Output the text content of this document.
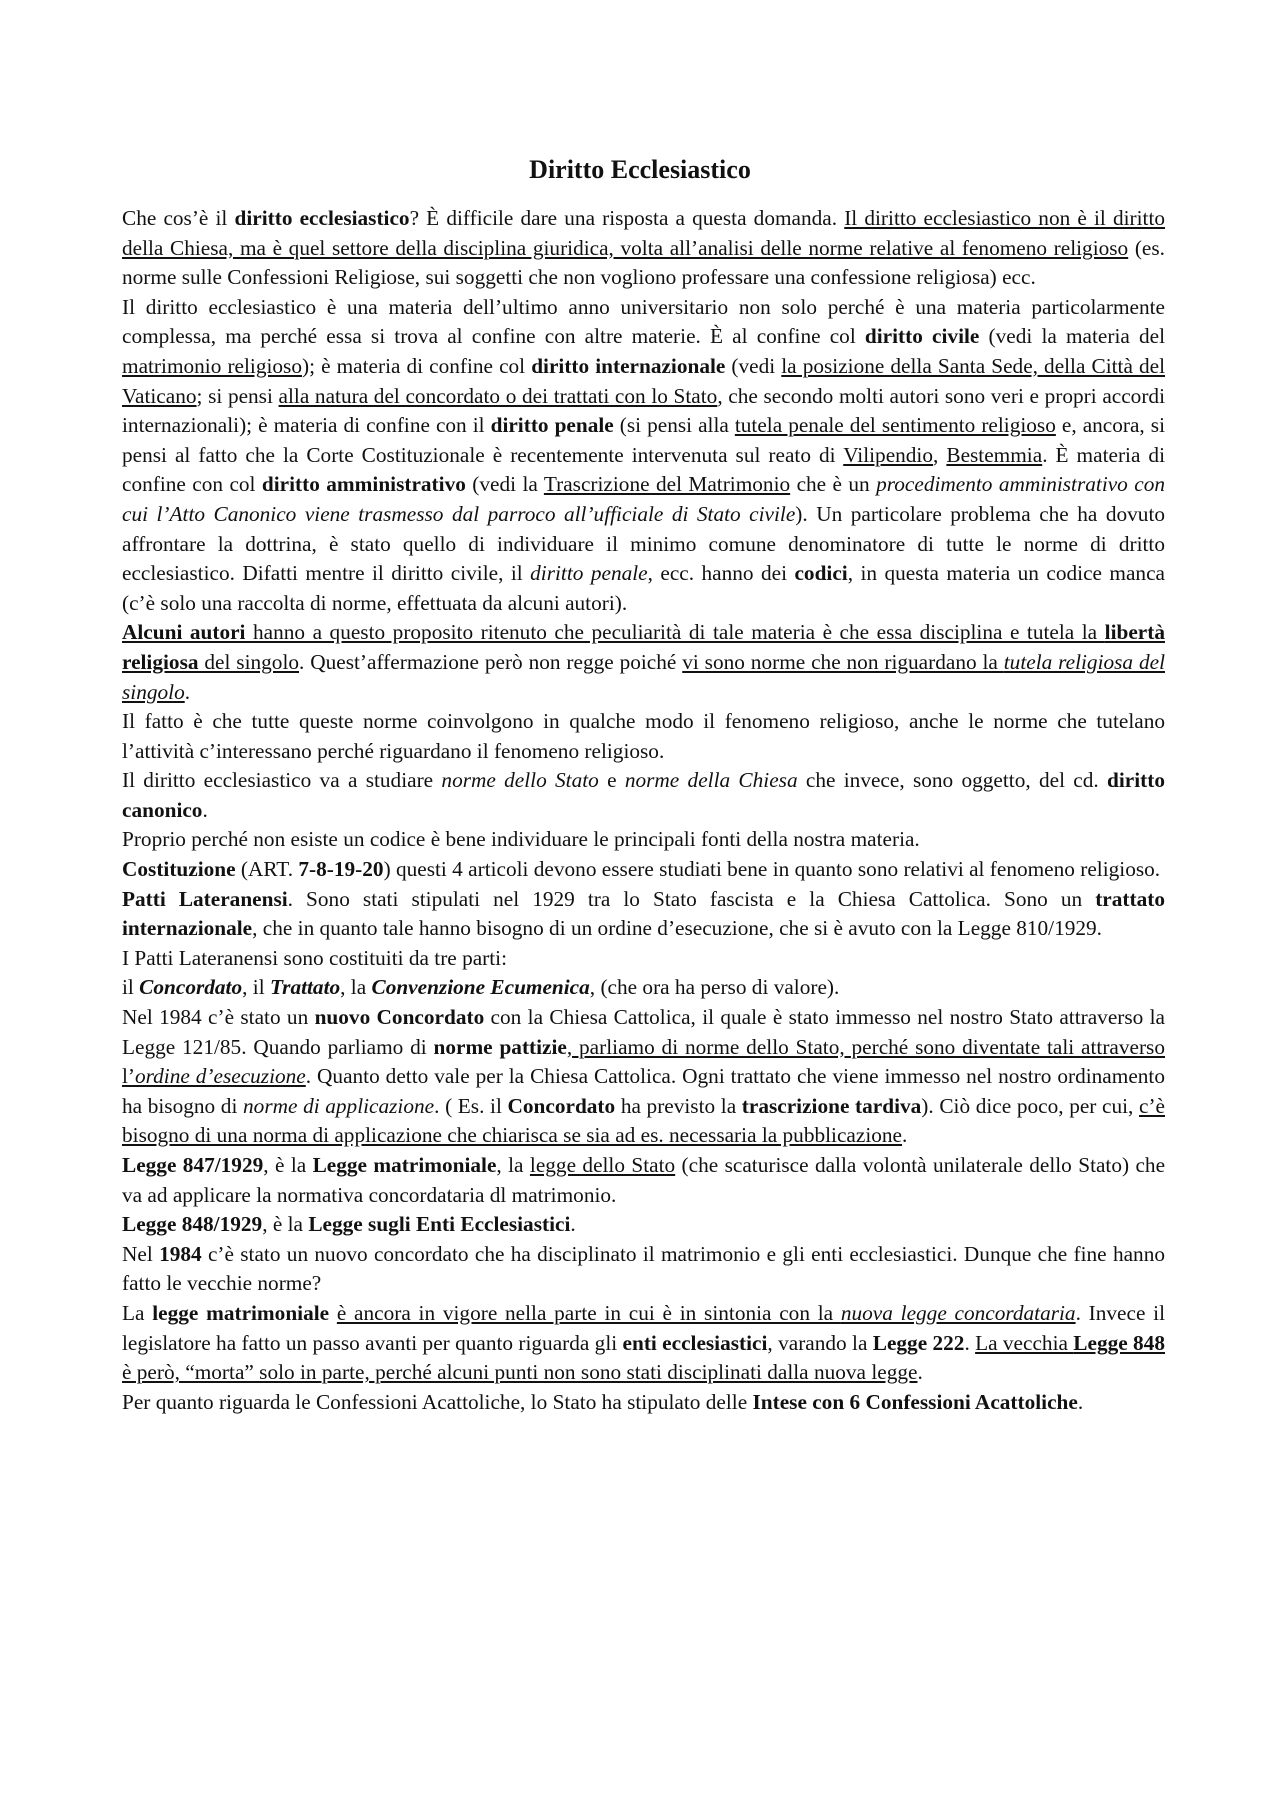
Diritto Ecclesiastico

Che cos’è il diritto ecclesiastico? È difficile dare una risposta a questa domanda. Il diritto ecclesiastico non è il diritto della Chiesa, ma è quel settore della disciplina giuridica, volta all’analisi delle norme relative al fenomeno religioso (es. norme sulle Confessioni Religiose, sui soggetti che non vogliono professare una confessione religiosa) ecc.

Il diritto ecclesiastico è una materia dell’ultimo anno universitario non solo perché è una materia particolarmente complessa, ma perché essa si trova al confine con altre materie. È al confine col diritto civile (vedi la materia del matrimonio religioso); è materia di confine col diritto internazionale (vedi la posizione della Santa Sede, della Città del Vaticano; si pensi alla natura del concordato o dei trattati con lo Stato, che secondo molti autori sono veri e propri accordi internazionali); è materia di confine con il diritto penale (si pensi alla tutela penale del sentimento religioso e, ancora, si pensi al fatto che la Corte Costituzionale è recentemente intervenuta sul reato di Vilipendio, Bestemmia. È materia di confine con col diritto amministrativo (vedi la Trascrizione del Matrimonio che è un procedimento amministrativo con cui l’Atto Canonico viene trasmesso dal parroco all’ufficiale di Stato civile). Un particolare problema che ha dovuto affrontare la dottrina, è stato quello di individuare il minimo comune denominatore di tutte le norme di dritto ecclesiastico. Difatti mentre il diritto civile, il diritto penale, ecc. hanno dei codici, in questa materia un codice manca (c’è solo una raccolta di norme, effettuata da alcuni autori).

Alcuni autori hanno a questo proposito ritenuto che peculiarità di tale materia è che essa disciplina e tutela la libertà religiosa del singolo. Quest’affermazione però non regge poiché vi sono norme che non riguardano la tutela religiosa del singolo.

Il fatto è che tutte queste norme coinvolgono in qualche modo il fenomeno religioso, anche le norme che tutelano l’attività c’interessano perché riguardano il fenomeno religioso.

Il diritto ecclesiastico va a studiare norme dello Stato e norme della Chiesa che invece, sono oggetto, del cd. diritto canonico.

Proprio perché non esiste un codice è bene individuare le principali fonti della nostra materia.

Costituzione (ART. 7-8-19-20) questi 4 articoli devono essere studiati bene in quanto sono relativi al fenomeno religioso.

Patti Lateranensi. Sono stati stipulati nel 1929 tra lo Stato fascista e la Chiesa Cattolica. Sono un trattato internazionale, che in quanto tale hanno bisogno di un ordine d’esecuzione, che si è avuto con la Legge 810/1929.

I Patti Lateranensi sono costituiti da tre parti:

il Concordato, il Trattato, la Convenzione Ecumenica, (che ora ha perso di valore).

Nel 1984 c’è stato un nuovo Concordato con la Chiesa Cattolica, il quale è stato immesso nel nostro Stato attraverso la Legge 121/85. Quando parliamo di norme pattizie, parliamo di norme dello Stato, perché sono diventate tali attraverso l’ordine d’esecuzione. Quanto detto vale per la Chiesa Cattolica. Ogni trattato che viene immesso nel nostro ordinamento ha bisogno di norme di applicazione. ( Es. il Concordato ha previsto la trascrizione tardiva). Ciò dice poco, per cui, c’è bisogno di una norma di applicazione che chiarisca se sia ad es. necessaria la pubblicazione.

Legge 847/1929, è la Legge matrimoniale, la legge dello Stato (che scaturisce dalla volontà unilaterale dello Stato) che va ad applicare la normativa concordataria dl matrimonio.

Legge 848/1929, è la Legge sugli Enti Ecclesiastici.

Nel 1984 c’è stato un nuovo concordato che ha disciplinato il matrimonio e gli enti ecclesiastici. Dunque che fine hanno fatto le vecchie norme?

La legge matrimoniale è ancora in vigore nella parte in cui è in sintonia con la nuova legge concordataria. Invece il legislatore ha fatto un passo avanti per quanto riguarda gli enti ecclesiastici, varando la Legge 222. La vecchia Legge 848 è però, “morta” solo in parte, perché alcuni punti non sono stati disciplinati dalla nuova legge.

Per quanto riguarda le Confessioni Acattoliche, lo Stato ha stipulato delle Intese con 6 Confessioni Acattoliche.
